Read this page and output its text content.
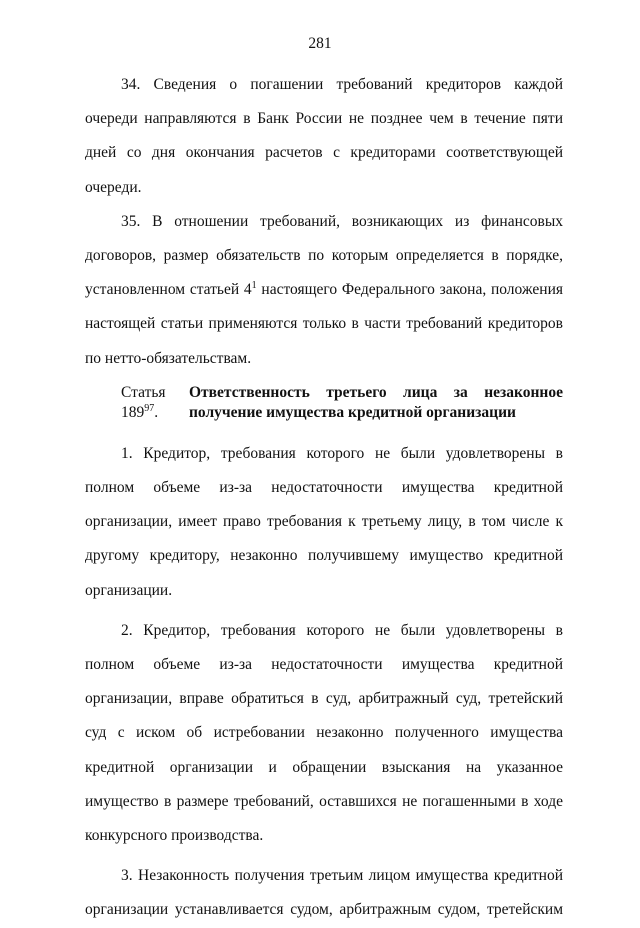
281

34. Сведения о погашении требований кредиторов каждой очереди направляются в Банк России не позднее чем в течение пяти дней со дня окончания расчетов с кредиторами соответствующей очереди.

35. В отношении требований, возникающих из финансовых договоров, размер обязательств по которым определяется в порядке, установленном статьей $4^1$ настоящего Федерального закона, положения настоящей статьи применяются только в части требований кредиторов по нетто-обязательствам.

Статья $189^{97}$.
Ответственность третьего лица за незаконное получение имущества кредитной организации

1. Кредитор, требования которого не были удовлетворены в полном объеме из-за недостаточности имущества кредитной организации, имеет право требования к третьему лицу, в том числе к другому кредитору, незаконно получившему имущество кредитной организации.

2. Кредитор, требования которого не были удовлетворены в полном объеме из-за недостаточности имущества кредитной организации, вправе обратиться в суд, арбитражный суд, третейский суд с иском об истребовании незаконно полученного имущества кредитной организации и обращении взыскания на указанное имущество в размере требований, оставшихся не погашенными в ходе конкурсного производства.

3. Незаконность получения третьим лицом имущества кредитной организации устанавливается судом, арбитражным судом, третейским
